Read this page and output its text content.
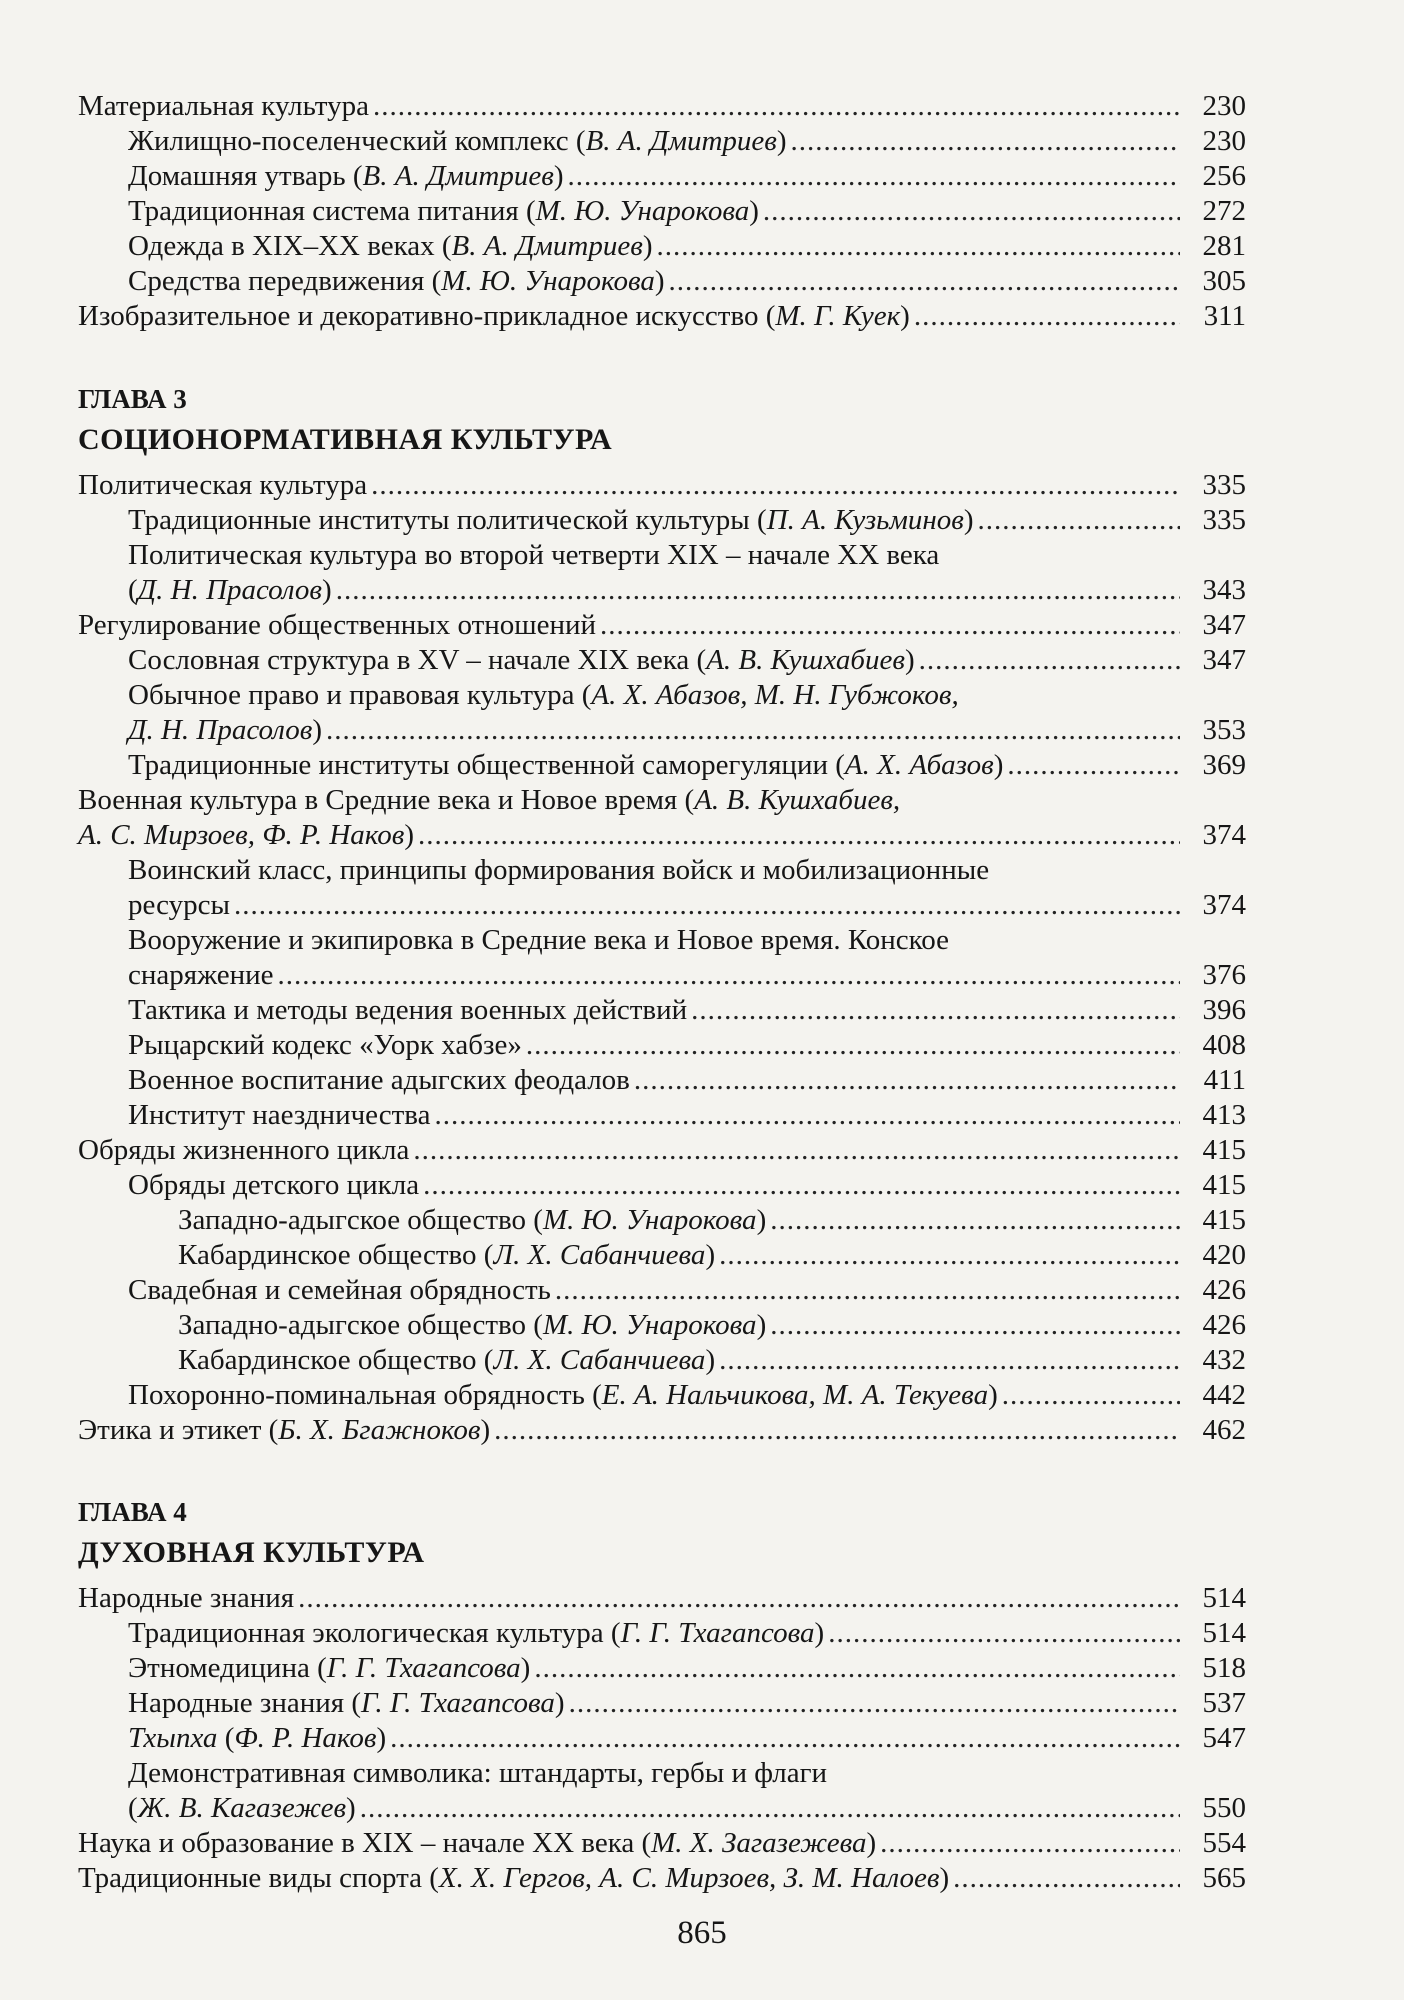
Материальная культура .....	230
Жилищно-поселенческий комплекс (В. А. Дмитриев) .....	230
Домашняя утварь (В. А. Дмитриев) .....	256
Традиционная система питания (М. Ю. Унарокова) .....	272
Одежда в XIX–XX веках (В. А. Дмитриев) .....	281
Средства передвижения (М. Ю. Унарокова) .....	305
Изобразительное и декоративно-прикладное искусство (М. Г. Куек) .....	311
ГЛАВА 3
СОЦИОНОРМАТИВНАЯ КУЛЬТУРА
Политическая культура .....	335
Традиционные институты политической культуры (П. А. Кузьминов) .....	335
Политическая культура во второй четверти XIX – начале XX века
(Д. Н. Прасолов) .....	343
Регулирование общественных отношений .....	347
Сословная структура в XV – начале XIX века (А. В. Кушхабиев) .....	347
Обычное право и правовая культура (А. Х. Абазов, М. Н. Губжоков,
Д. Н. Прасолов) .....	353
Традиционные институты общественной саморегуляции (А. Х. Абазов) .....	369
Военная культура в Средние века и Новое время (А. В. Кушхабиев,
А. С. Мирзоев, Ф. Р. Наков) .....	374
Воинский класс, принципы формирования войск и мобилизационные
ресурсы .....	374
Вооружение и экипировка в Средние века и Новое время. Конское
снаряжение .....	376
Тактика и методы ведения военных действий .....	396
Рыцарский кодекс «Уорк хабзе» .....	408
Военное воспитание адыгских феодалов .....	411
Институт наездничества .....	413
Обряды жизненного цикла .....	415
Обряды детского цикла .....	415
Западно-адыгское общество (М. Ю. Унарокова) .....	415
Кабардинское общество (Л. Х. Сабанчиева) .....	420
Свадебная и семейная обрядность .....	426
Западно-адыгское общество (М. Ю. Унарокова) .....	426
Кабардинское общество (Л. Х. Сабанчиева) .....	432
Похоронно-поминальная обрядность (Е. А. Нальчикова, М. А. Текуева) .....	442
Этика и этикет (Б. Х. Бгажноков) .....	462
ГЛАВА 4
ДУХОВНАЯ КУЛЬТУРА
Народные знания .....	514
Традиционная экологическая культура (Г. Г. Тхагапсова) .....	514
Этномедицина (Г. Г. Тхагапсова) .....	518
Народные знания (Г. Г. Тхагапсова) .....	537
Тхыпха (Ф. Р. Наков) .....	547
Демонстративная символика: штандарты, гербы и флаги
(Ж. В. Кагазежев) .....	550
Наука и образование в XIX – начале XX века (М. Х. Загазежева) .....	554
Традиционные виды спорта (Х. Х. Гергов, А. С. Мирзоев, З. М. Налоев) .....	565
865
